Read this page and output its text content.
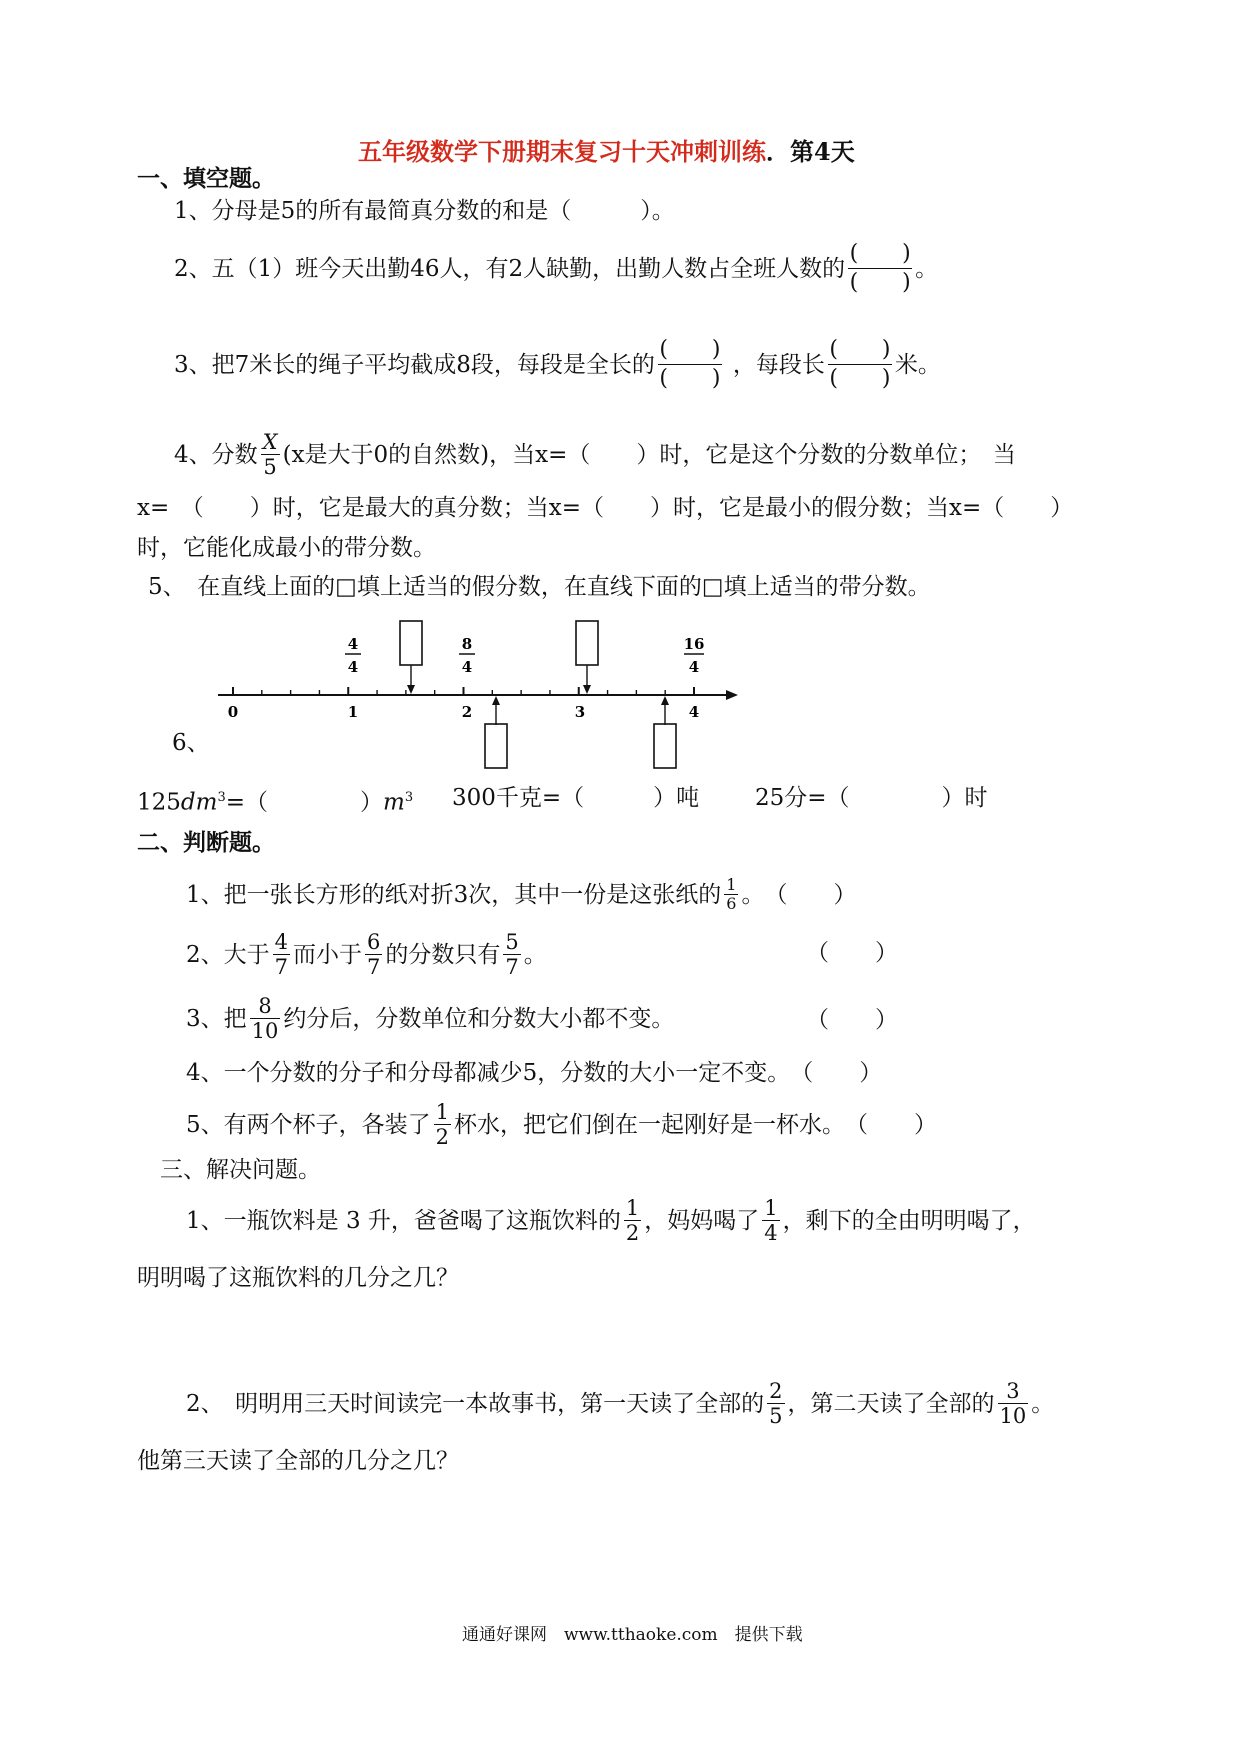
五年级数学下册期末复习十天冲刺训练．第4天
一、填空题。
1、分母是5的所有最简真分数的和是（　　　）。
2、五（1）班今天出勤46人，有2人缺勤，出勤人数占全班人数的
(　　)
(　　)
。
3、把7米长的绳子平均截成8段，每段是全长的
(　　)
(　　)
，每段长
(　　)
(　　)
米。
4、分数 $\frac{X}{5} (x$是大于0的自然数)，当x=（　　）时，它是这个分数的分数单位；　当
x=　（　　）时，它是最大的真分数；当x=（　　）时，它是最小的假分数；当x=（　　）
时，它能化成最小的带分数。
5、　在直线上面的□填上适当的假分数，在直线下面的□填上适当的带分数。
0	1	2	3	4
4
4
8
4
16
4
6、
$125dm^3=$（　　　　）$m^3$ 300千克=（　　　）吨 25分=（　　　　）时
二、判断题。
1、把一张长方形的纸对折3次，其中一份是这张纸的 $\frac{1}{6}$ 。　（　　）
2、大于 $\frac{4}{7}$ 而小于 $\frac{6}{7}$ 的分数只有 $\frac{5}{7}$ 。	（　　）
3、把 $\frac{8}{10}$ 约分后，分数单位和分数大小都不变。	（　　）
4、一个分数的分子和分母都减少5，分数的大小一定不变。　（　　）
5、有两个杯子，各装了 $\frac{1}{2}$ 杯水，把它们倒在一起刚好是一杯水。　（　　）
三、解决问题。
1、一瓶饮料是 3 升，爸爸喝了这瓶饮料的 $\frac{1}{2}$ ，妈妈喝了 $\frac{1}{4}$ ，剩下的全由明明喝了，
明明喝了这瓶饮料的几分之几？
2、　明明用三天时间读完一本故事书，第一天读了全部的 $\frac{2}{5}$ ，第二天读了全部的 $\frac{3}{10}$ 。
他第三天读了全部的几分之几？
通通好课网　www.tthaoke.com　提供下载
